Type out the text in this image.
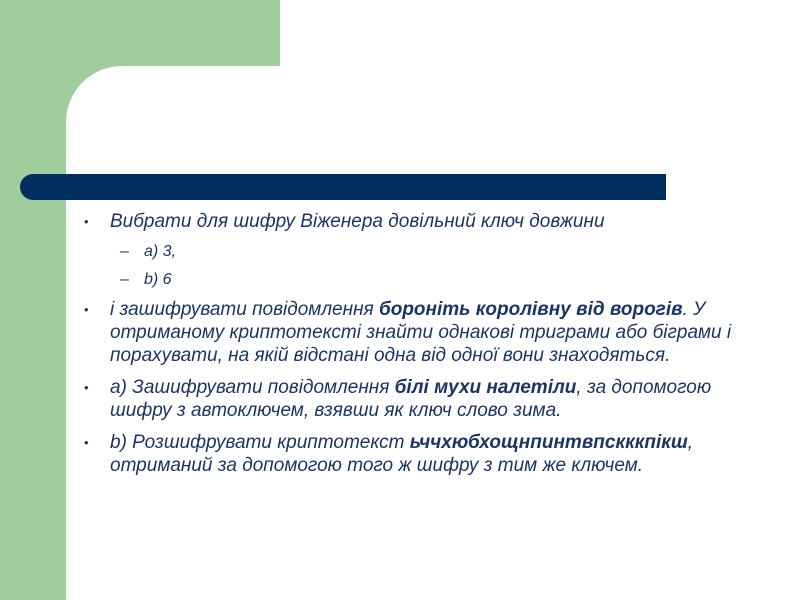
• Вибрати для шифру Віженера довільний ключ довжини
– a) 3,
– b) 6
• і зашифрувати повідомлення бороніть королівну від ворогів. У отриманому криптотексті знайти однакові триграми або біграми і порахувати, на якій відстані одна від одної вони знаходяться.
• а) Зашифрувати повідомлення білі мухи налетіли, за допомогою шифру з автоключем, взявши як ключ слово зима.
• b) Розшифрувати криптотекст ьччхюбхощнпинтвпскккпікш, отриманий за допомогою того ж шифру з тим же ключем.
